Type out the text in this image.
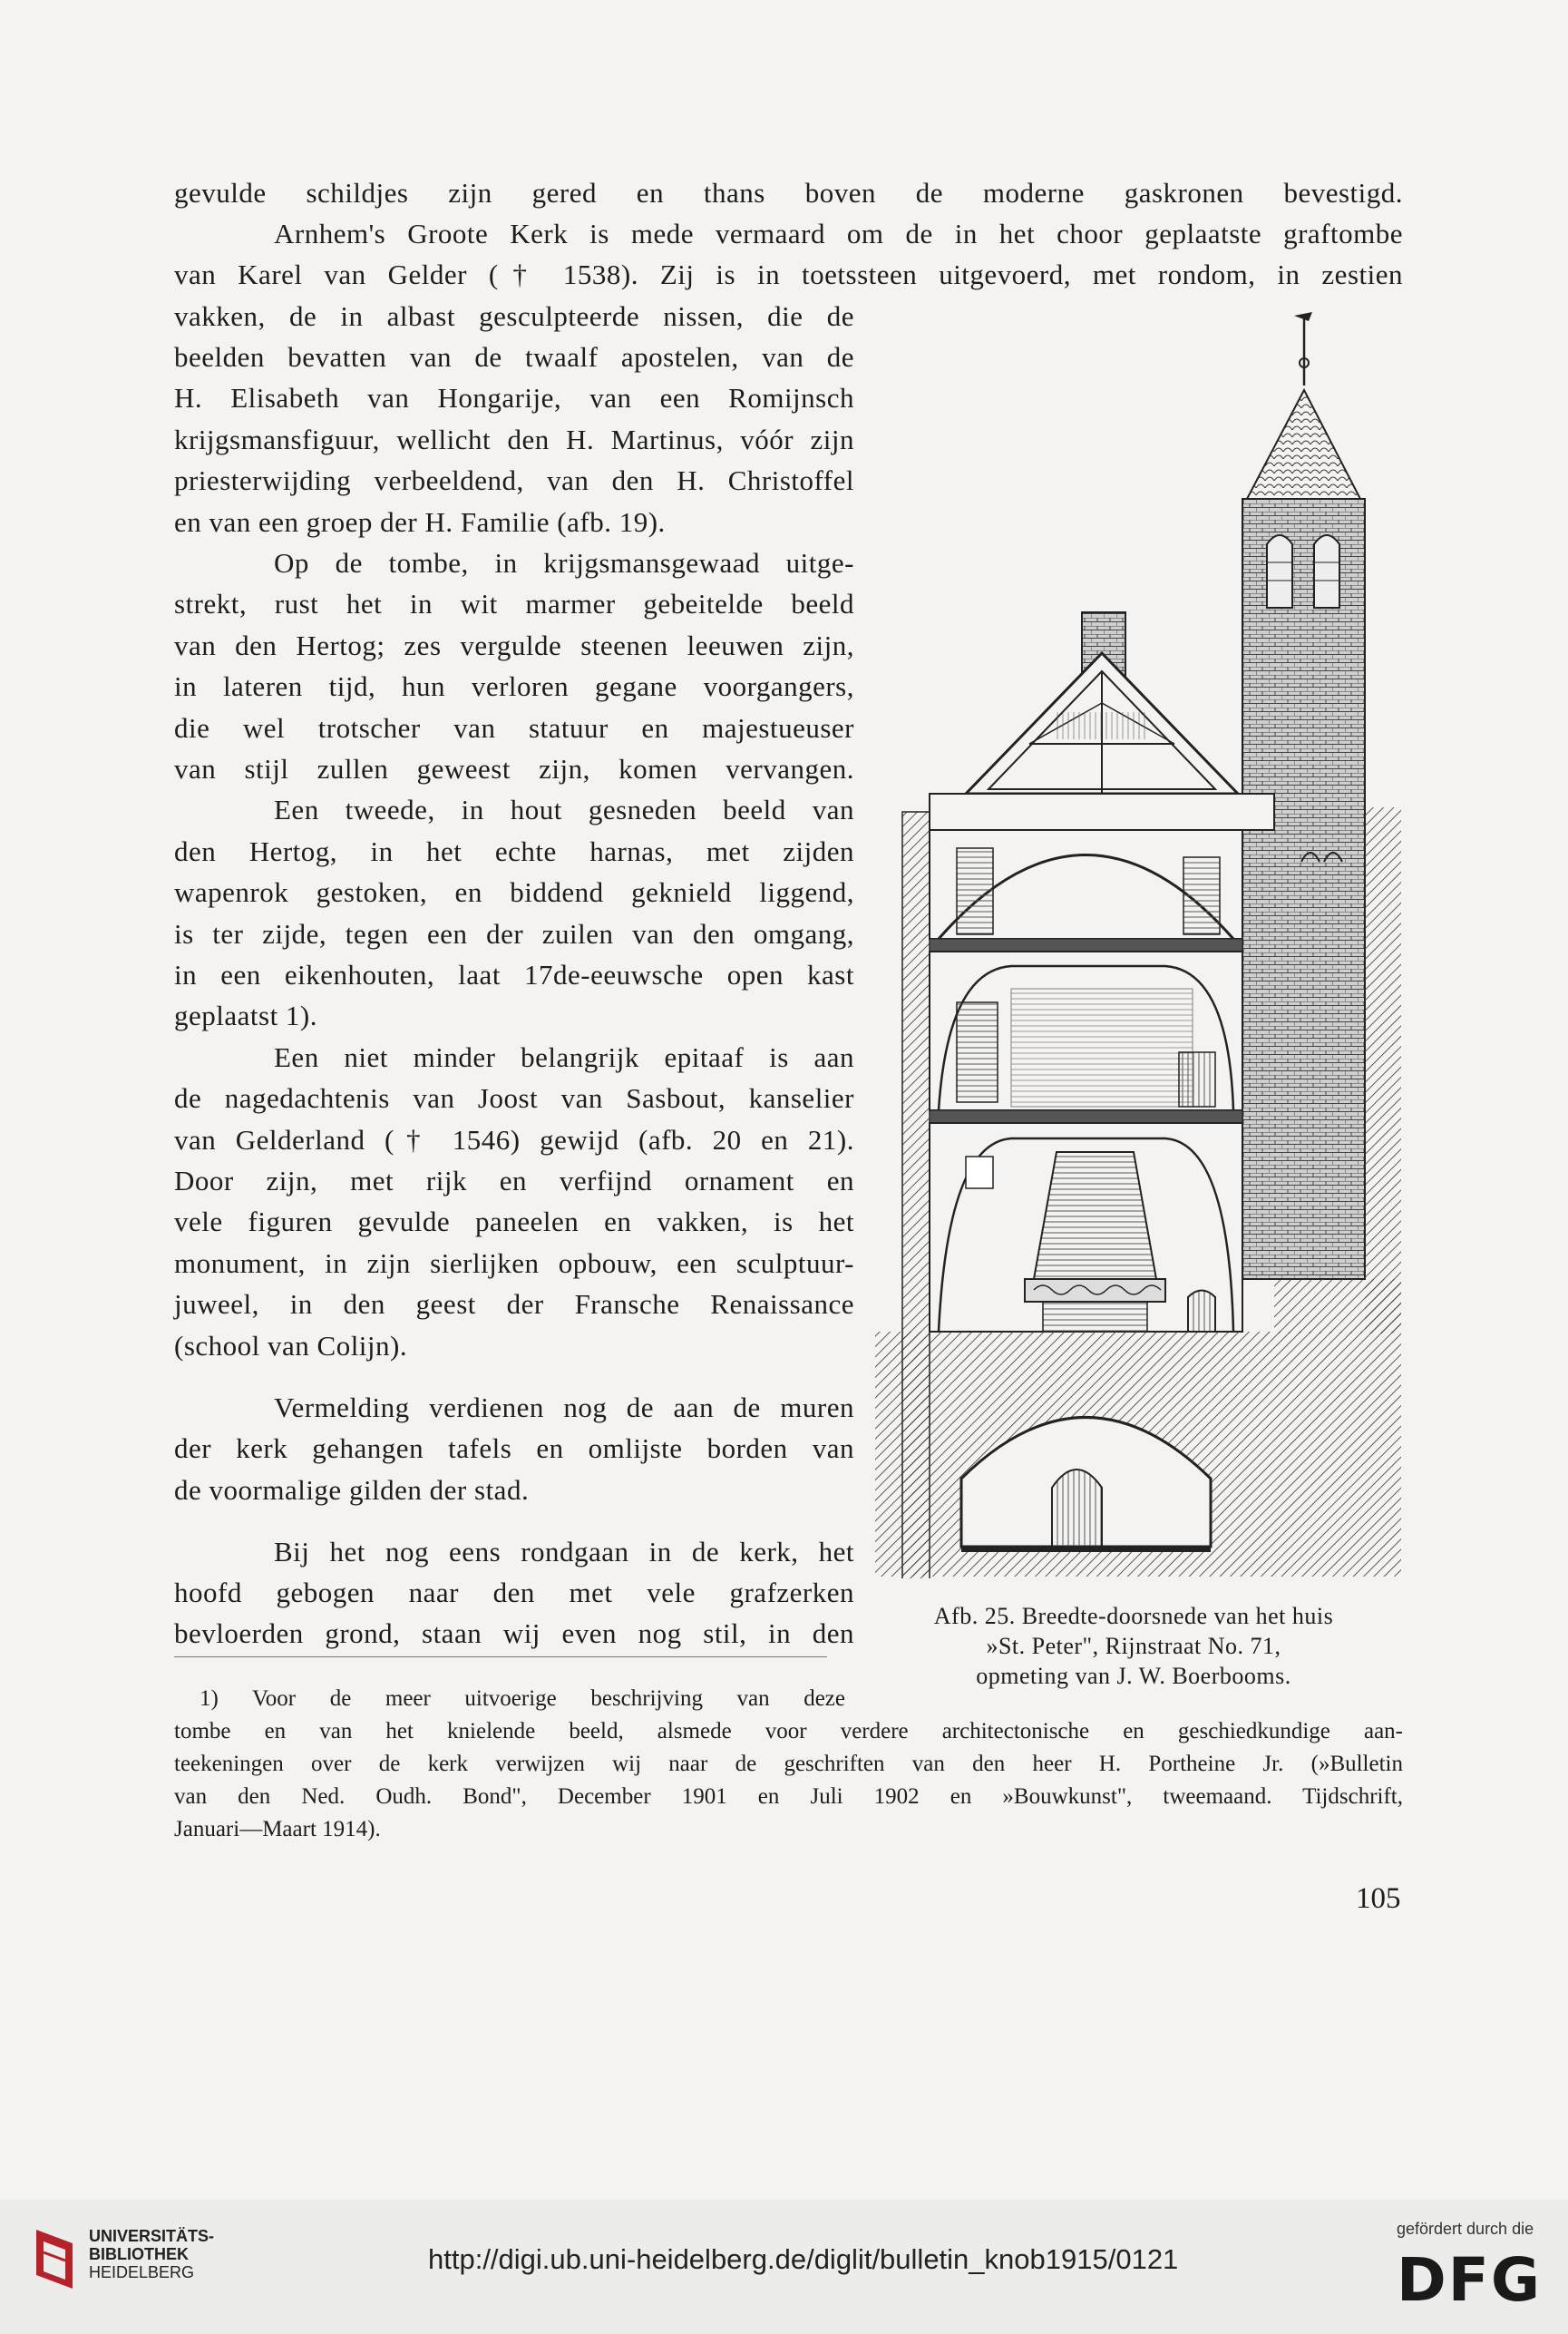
gevulde schildjes zijn gered en thans boven de moderne gaskronen bevestigd.
Arnhem's Groote Kerk is mede vermaard om de in het choor geplaatste graftombe
van Karel van Gelder († 1538). Zij is in toetssteen uitgevoerd, met rondom, in zestien
vakken, de in albast gesculpteerde nissen, die de
beelden bevatten van de twaalf apostelen, van de
H. Elisabeth van Hongarije, van een Romijnsch
krijgsmansfiguur, wellicht den H. Martinus, vóór zijn
priesterwijding verbeeldend, van den H. Christoffel
en van een groep der H. Familie (afb. 19).
Op de tombe, in krijgsmansgewaad uitge-
strekt, rust het in wit marmer gebeitelde beeld
van den Hertog; zes vergulde steenen leeuwen zijn,
in lateren tijd, hun verloren gegane voorgangers,
die wel trotscher van statuur en majestueuser
van stijl zullen geweest zijn, komen vervangen.
Een tweede, in hout gesneden beeld van
den Hertog, in het echte harnas, met zijden
wapenrok gestoken, en biddend geknield liggend,
is ter zijde, tegen een der zuilen van den omgang,
in een eikenhouten, laat 17de-eeuwsche open kast
geplaatst 1).
Een niet minder belangrijk epitaaf is aan
de nagedachtenis van Joost van Sasbout, kanselier
van Gelderland († 1546) gewijd (afb. 20 en 21).
Door zijn, met rijk en verfijnd ornament en
vele figuren gevulde paneelen en vakken, is het
monument, in zijn sierlijken opbouw, een sculptuur-
juweel, in den geest der Fransche Renaissance
(school van Colijn).
Vermelding verdienen nog de aan de muren
der kerk gehangen tafels en omlijste borden van
de voormalige gilden der stad.
Bij het nog eens rondgaan in de kerk, het
hoofd gebogen naar den met vele grafzerken
bevloerden grond, staan wij even nog stil, in den
Afb. 25. Breedte-doorsnede van het huis
»St. Peter", Rijnstraat No. 71,
opmeting van J. W. Boerbooms.
1) Voor de meer uitvoerige beschrijving van deze
tombe en van het knielende beeld, alsmede voor verdere architectonische en geschiedkundige aan-
teekeningen over de kerk verwijzen wij naar de geschriften van den heer H. Portheine Jr. (»Bulletin
van den Ned. Oudh. Bond", December 1901 en Juli 1902 en »Bouwkunst", tweemaand. Tijdschrift,
Januari—Maart 1914).
105
UNIVERSITÄTS-
BIBLIOTHEK
HEIDELBERG	http://digi.ub.uni-heidelberg.de/diglit/bulletin_knob1915/0121
gefördert durch die
DFG
